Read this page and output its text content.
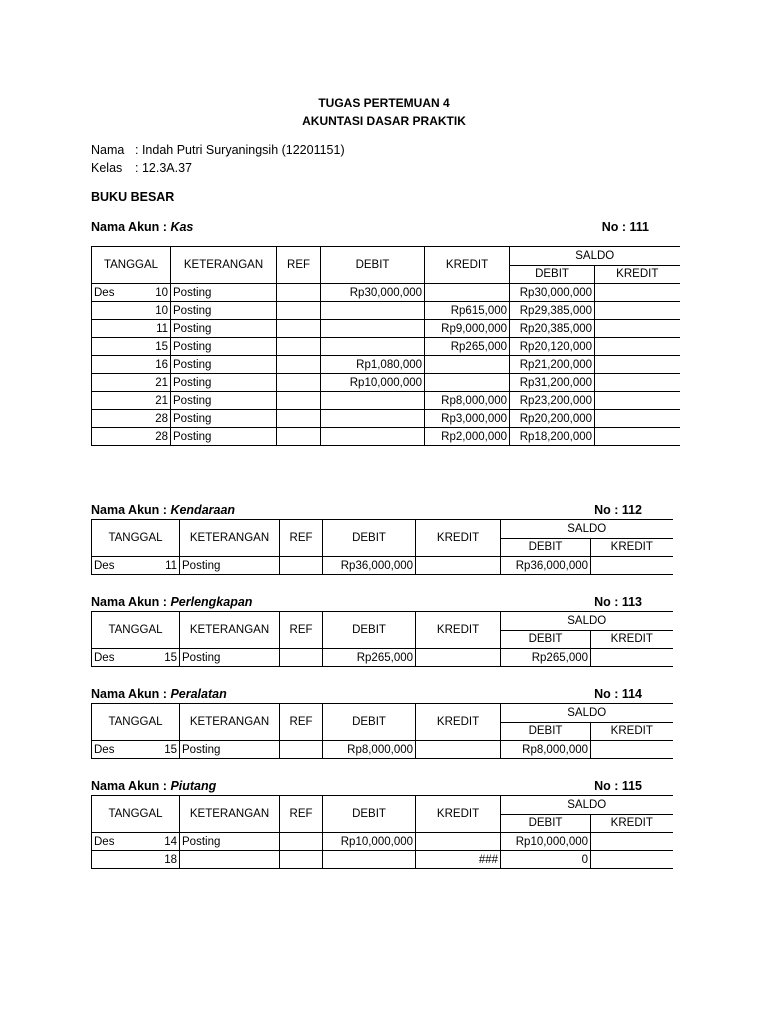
TUGAS PERTEMUAN 4
AKUNTASI DASAR PRAKTIK
Nama : Indah Putri Suryaningsih (12201151)
Kelas : 12.3A.37
BUKU BESAR
Nama Akun : Kas	No : 111
TANGGAL		KETERANGAN	REF	DEBIT	KREDIT	SALDO	
						DEBIT	KREDIT
Des	10	Posting		Rp30,000,000		Rp30,000,000	
	10	Posting			Rp615,000	Rp29,385,000	
	11	Posting			Rp9,000,000	Rp20,385,000	
	15	Posting			Rp265,000	Rp20,120,000	
	16	Posting		Rp1,080,000		Rp21,200,000	
	21	Posting		Rp10,000,000		Rp31,200,000	
	21	Posting			Rp8,000,000	Rp23,200,000	
	28	Posting			Rp3,000,000	Rp20,200,000	
	28	Posting			Rp2,000,000	Rp18,200,000	
Nama Akun : Kendaraan	No : 112
TANGGAL		KETERANGAN	REF	DEBIT	KREDIT	SALDO	
						DEBIT	KREDIT
Des	11	Posting		Rp36,000,000		Rp36,000,000	
Nama Akun : Perlengkapan	No : 113
TANGGAL		KETERANGAN	REF	DEBIT	KREDIT	SALDO	
						DEBIT	KREDIT
Des	15	Posting		Rp265,000		Rp265,000	
Nama Akun : Peralatan	No : 114
TANGGAL		KETERANGAN	REF	DEBIT	KREDIT	SALDO	
						DEBIT	KREDIT
Des	15	Posting		Rp8,000,000		Rp8,000,000	
Nama Akun : Piutang	No : 115
TANGGAL		KETERANGAN	REF	DEBIT	KREDIT	SALDO	
						DEBIT	KREDIT
Des	14	Posting		Rp10,000,000		Rp10,000,000	
	18				###	0	
